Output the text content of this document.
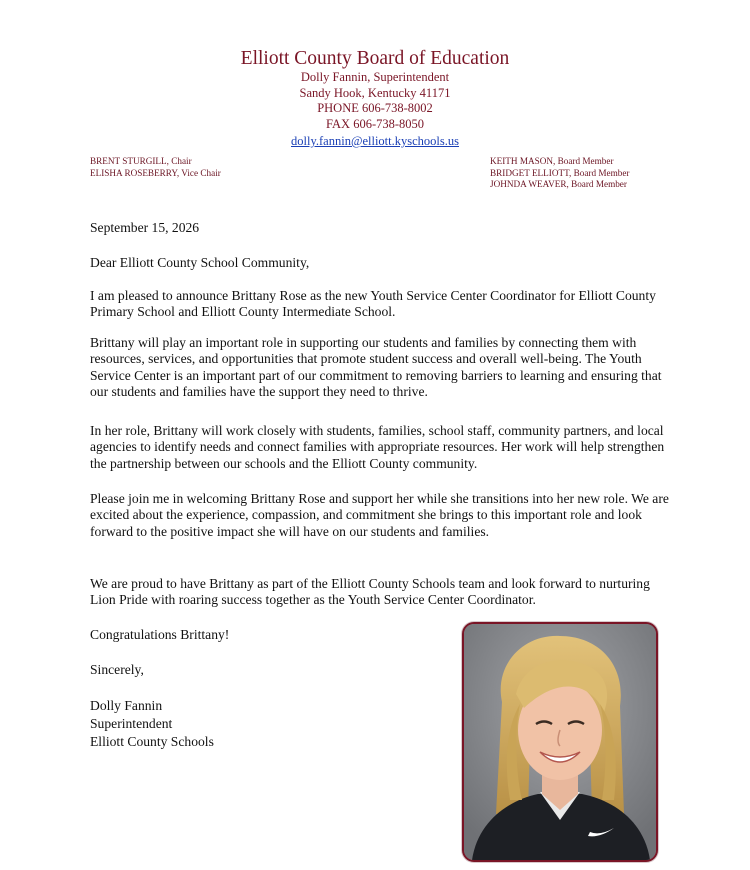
Elliott County Board of Education
Dolly Fannin, Superintendent
Sandy Hook, Kentucky 41171
PHONE 606-738-8002
FAX 606-738-8050
dolly.fannin@elliott.kyschools.us
BRENT STURGILL, Chair
ELISHA ROSEBERRY, Vice Chair
KEITH MASON, Board Member
BRIDGET ELLIOTT, Board Member
JOHNDA WEAVER, Board Member
September 15, 2026
Dear Elliott County School Community,
I am pleased to announce Brittany Rose as the new Youth Service Center Coordinator for Elliott County Primary School and Elliott County Intermediate School.
Brittany will play an important role in supporting our students and families by connecting them with resources, services, and opportunities that promote student success and overall well-being. The Youth Service Center is an important part of our commitment to removing barriers to learning and ensuring that our students and families have the support they need to thrive.
In her role, Brittany will work closely with students, families, school staff, community partners, and local agencies to identify needs and connect families with appropriate resources. Her work will help strengthen the partnership between our schools and the Elliott County community.
Please join me in welcoming Brittany Rose and support her while she transitions into her new role. We are excited about the experience, compassion, and commitment she brings to this important role and look forward to the positive impact she will have on our students and families.
We are proud to have Brittany as part of the Elliott County Schools team and look forward to nurturing Lion Pride with roaring success together as the Youth Service Center Coordinator.
Congratulations Brittany!
Sincerely,
Dolly Fannin
Superintendent
Elliott County Schools
